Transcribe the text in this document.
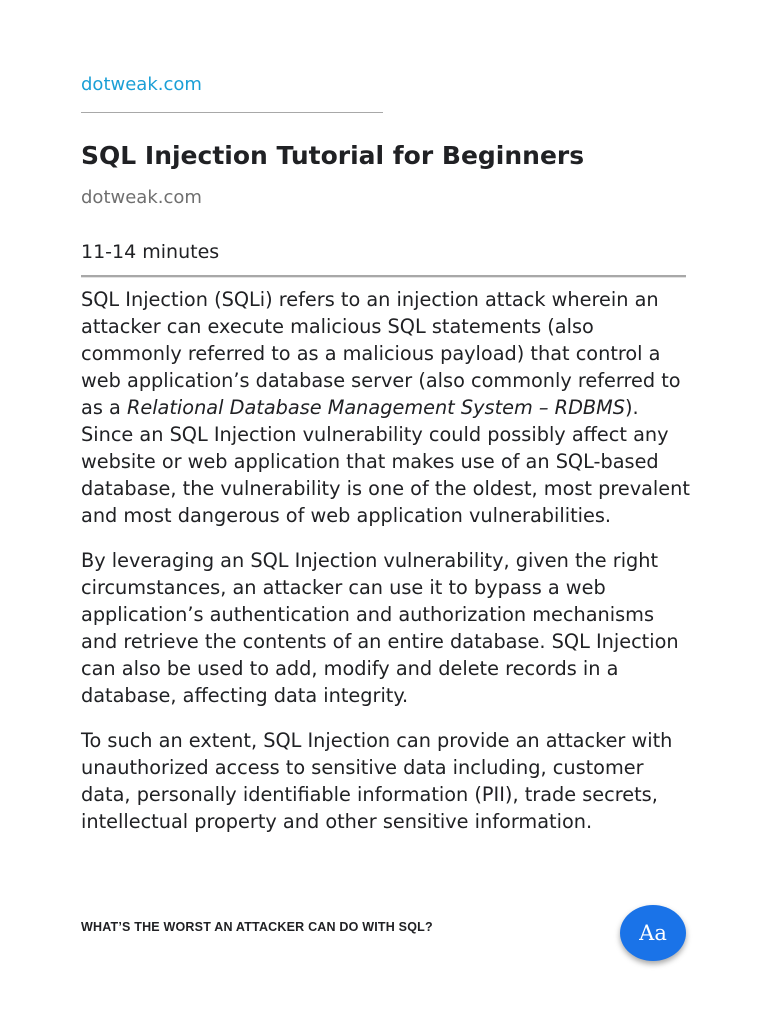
dotweak.com
SQL Injection Tutorial for Beginners
dotweak.com
11-14 minutes

SQL Injection (SQLi) refers to an injection attack wherein an attacker can execute malicious SQL statements (also commonly referred to as a malicious payload) that control a web application’s database server (also commonly referred to as a Relational Database Management System – RDBMS). Since an SQL Injection vulnerability could possibly affect any website or web application that makes use of an SQL-based database, the vulnerability is one of the oldest, most prevalent and most dangerous of web application vulnerabilities.

By leveraging an SQL Injection vulnerability, given the right circumstances, an attacker can use it to bypass a web application’s authentication and authorization mechanisms and retrieve the contents of an entire database. SQL Injection can also be used to add, modify and delete records in a database, affecting data integrity.

To such an extent, SQL Injection can provide an attacker with unauthorized access to sensitive data including, customer data, personally identifiable information (PII), trade secrets, intellectual property and other sensitive information.

WHAT’S THE WORST AN ATTACKER CAN DO WITH SQL?	Aa
